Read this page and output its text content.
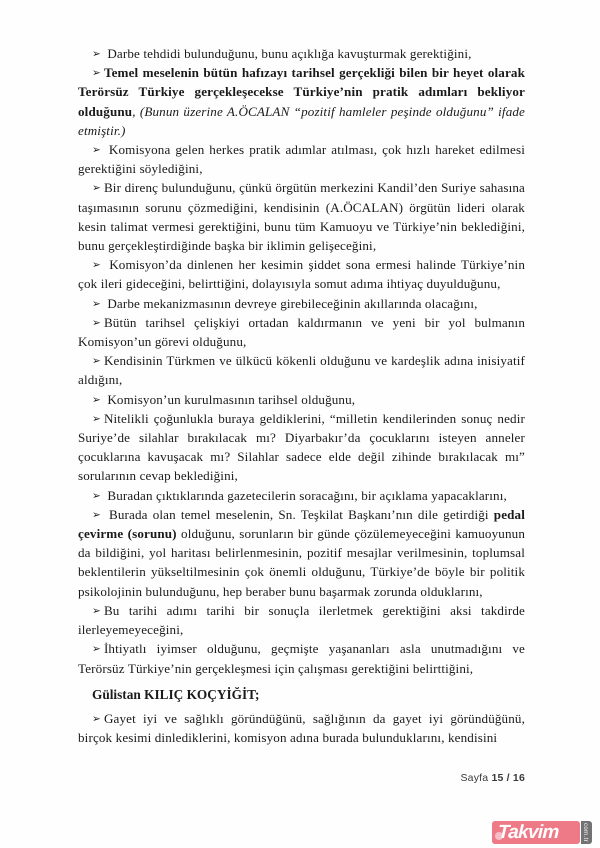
➢ Darbe tehdidi bulunduğunu, bunu açıklığa kavuşturmak gerektiğini,

➢ Temel meselenin bütün hafızayı tarihsel gerçekliği bilen bir heyet olarak Terörsüz Türkiye gerçekleşecekse Türkiye’nin pratik adımları bekliyor olduğunu, (Bunun üzerine A.ÖCALAN “pozitif hamleler peşinde olduğunu” ifade etmiştir.)

➢ Komisyona gelen herkes pratik adımlar atılması, çok hızlı hareket edilmesi gerektiğini söylediğini,

➢ Bir direnç bulunduğunu, çünkü örgütün merkezini Kandil’den Suriye sahasına taşımasının sorunu çözmediğini, kendisinin (A.ÖCALAN) örgütün lideri olarak kesin talimat vermesi gerektiğini, bunu tüm Kamuoyu ve Türkiye’nin beklediğini, bunu gerçekleştirdiğinde başka bir iklimin gelişeceğini,

➢ Komisyon’da dinlenen her kesimin şiddet sona ermesi halinde Türkiye’nin çok ileri gideceğini, belirttiğini, dolayısıyla somut adıma ihtiyaç duyulduğunu,

➢ Darbe mekanizmasının devreye girebileceğinin akıllarında olacağını,

➢ Bütün tarihsel çelişkiyi ortadan kaldırmanın ve yeni bir yol bulmanın Komisyon’un görevi olduğunu,

➢ Kendisinin Türkmen ve ülkücü kökenli olduğunu ve kardeşlik adına inisiyatif aldığını,

➢ Komisyon’un kurulmasının tarihsel olduğunu,

➢ Nitelikli çoğunlukla buraya geldiklerini, “milletin kendilerinden sonuç nedir Suriye’de silahlar bırakılacak mı? Diyarbakır’da çocuklarını isteyen anneler çocuklarına kavuşacak mı? Silahlar sadece elde değil zihinde bırakılacak mı” sorularının cevap beklediğini,

➢ Buradan çıktıklarında gazetecilerin soracağını, bir açıklama yapacaklarını,

➢ Burada olan temel meselenin, Sn. Teşkilat Başkanı’nın dile getirdiği pedal çevirme (sorunu) olduğunu, sorunların bir günde çözülemeyeceğini kamuoyunun da bildiğini, yol haritası belirlenmesinin, pozitif mesajlar verilmesinin, toplumsal beklentilerin yükseltilmesinin çok önemli olduğunu, Türkiye’de böyle bir politik psikolojinin bulunduğunu, hep beraber bunu başarmak zorunda olduklarını,

➢ Bu tarihi adımı tarihi bir sonuçla ilerletmek gerektiğini aksi takdirde ilerleyemeyeceğini,

➢ İhtiyatlı iyimser olduğunu, geçmişte yaşananları asla unutmadığını ve Terörsüz Türkiye’nin gerçekleşmesi için çalışması gerektiğini belirttiğini,

Gülistan KILIÇ KOÇYİĞİT;

➢ Gayet iyi ve sağlıklı göründüğünü, sağlığının da gayet iyi göründüğünü, birçok kesimi dinlediklerini, komisyon adına burada bulunduklarını, kendisini

Sayfa 15 / 16
Takvim	com.tr
